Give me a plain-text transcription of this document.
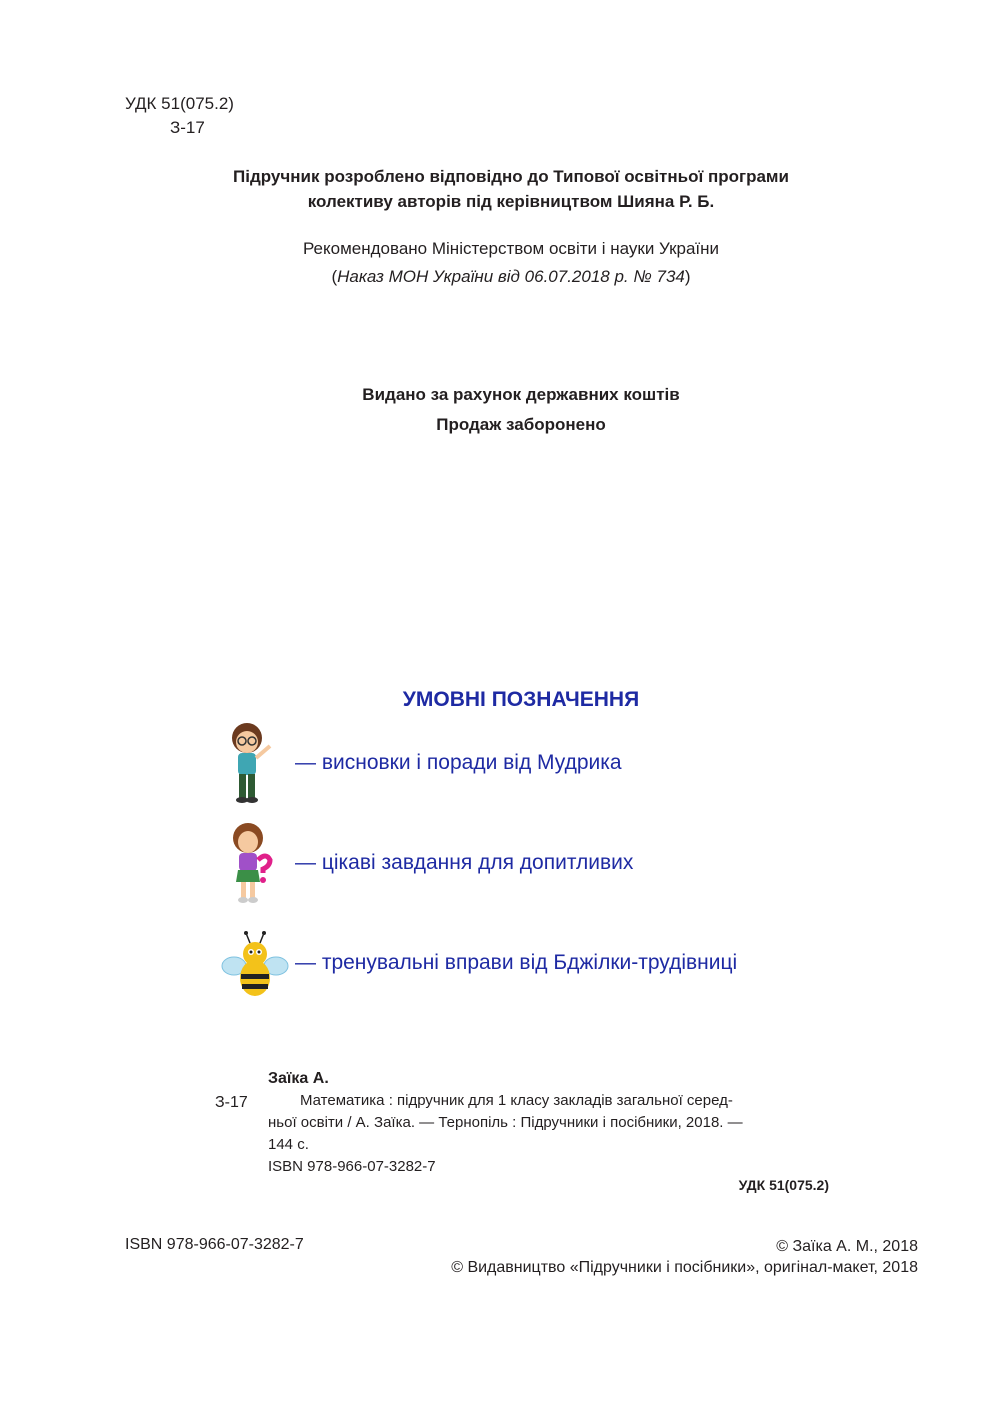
УДК 51(075.2)
З-17
Підручник розроблено відповідно до Типової освітньої програми
колективу авторів під керівництвом Шияна Р. Б.
Рекомендовано Міністерством освіти і науки України
(Наказ МОН України від 06.07.2018 р. № 734)
Видано за рахунок державних коштів
Продаж заборонено
УМОВНІ ПОЗНАЧЕННЯ
— висновки і поради від Мудрика
— цікаві завдання для допитливих
— тренувальні вправи від Бджілки-трудівниці
Заїка А.
З-17	Математика : підручник для 1 класу закладів загальної серед-

ньої освіти / А. Заїка. — Тернопіль : Підручники і посібники, 2018. —

144 с.

ISBN 978-966-07-3282-7

УДК 51(075.2)
ISBN 978-966-07-3282-7	© Заїка А. М., 2018
© Видавництво «Підручники і посібники», оригінал-макет, 2018
